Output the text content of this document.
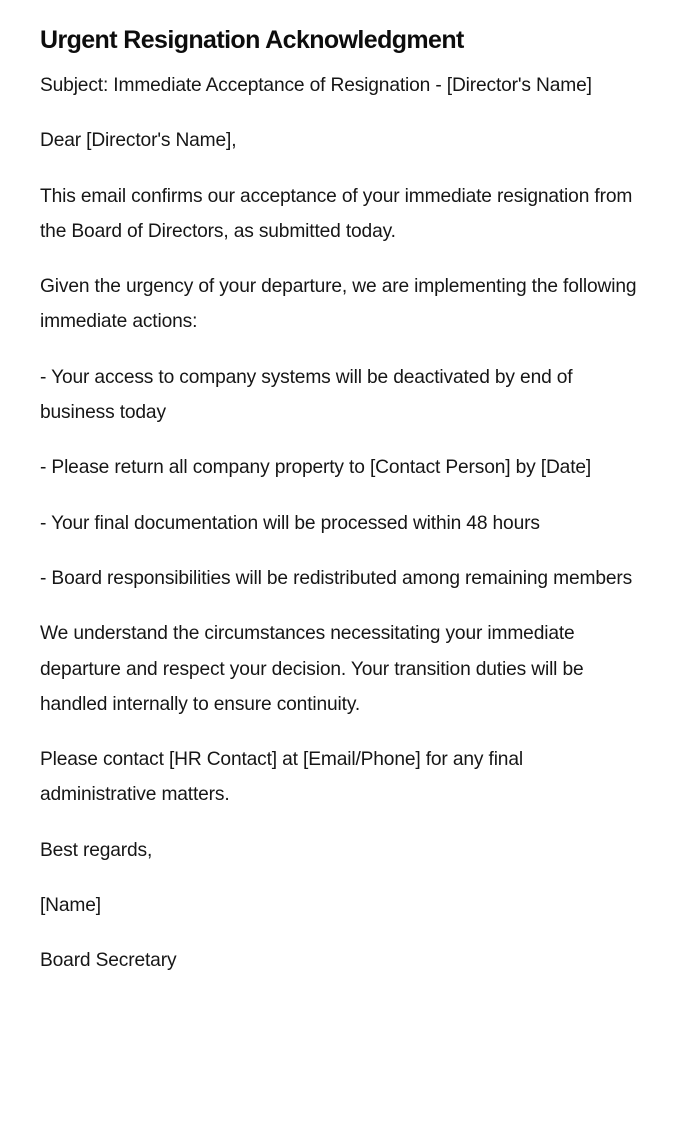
Urgent Resignation Acknowledgment

Subject: Immediate Acceptance of Resignation - [Director's Name]

Dear [Director's Name],

This email confirms our acceptance of your immediate resignation from the Board of Directors, as submitted today.

Given the urgency of your departure, we are implementing the following immediate actions:

- Your access to company systems will be deactivated by end of business today

- Please return all company property to [Contact Person] by [Date]

- Your final documentation will be processed within 48 hours

- Board responsibilities will be redistributed among remaining members

We understand the circumstances necessitating your immediate departure and respect your decision. Your transition duties will be handled internally to ensure continuity.

Please contact [HR Contact] at [Email/Phone] for any final administrative matters.

Best regards,

[Name]

Board Secretary
